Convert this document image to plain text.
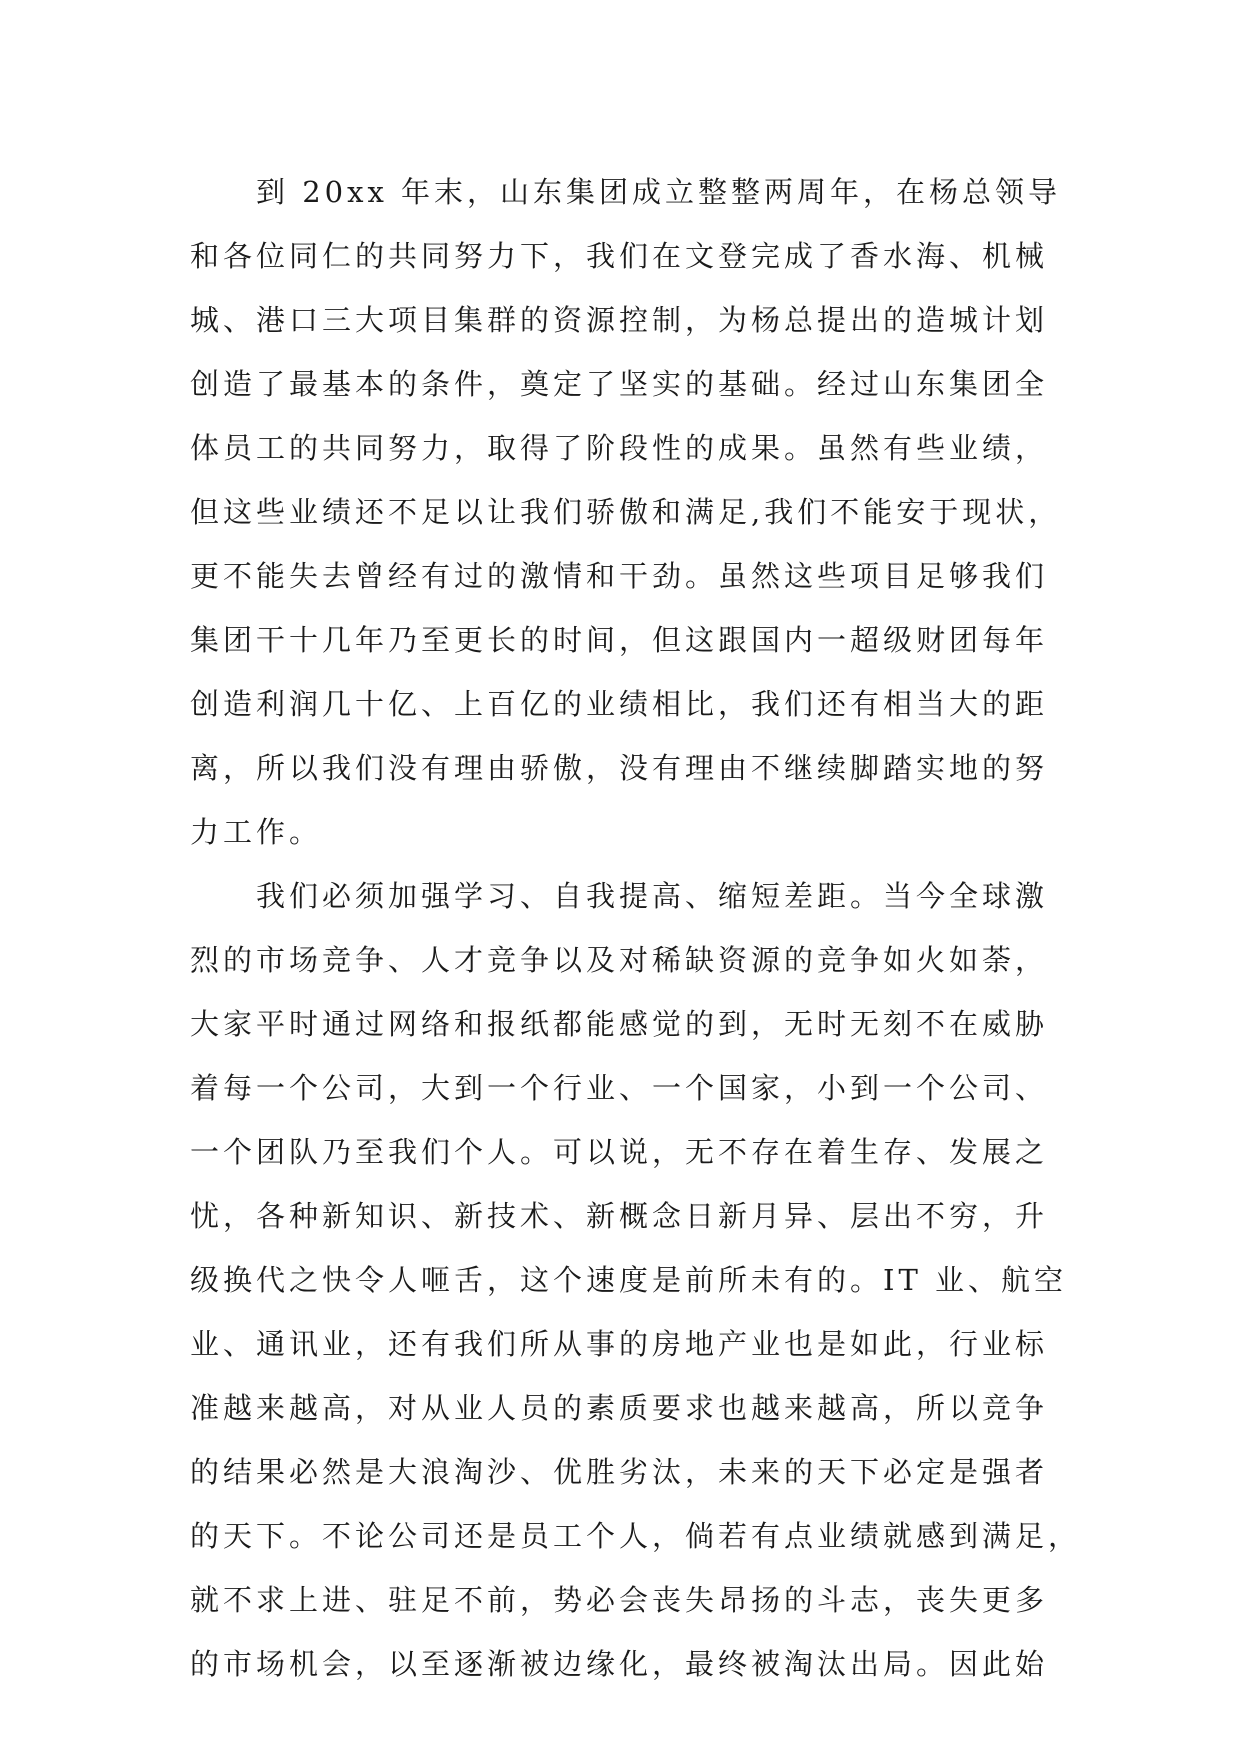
到 20xx 年末，山东集团成立整整两周年，在杨总领导
和各位同仁的共同努力下，我们在文登完成了香水海、机械
城、港口三大项目集群的资源控制，为杨总提出的造城计划
创造了最基本的条件，奠定了坚实的基础。经过山东集团全
体员工的共同努力，取得了阶段性的成果。虽然有些业绩，
但这些业绩还不足以让我们骄傲和满足,我们不能安于现状，
更不能失去曾经有过的激情和干劲。虽然这些项目足够我们
集团干十几年乃至更长的时间，但这跟国内一超级财团每年
创造利润几十亿、上百亿的业绩相比，我们还有相当大的距
离，所以我们没有理由骄傲，没有理由不继续脚踏实地的努
力工作。
我们必须加强学习、自我提高、缩短差距。当今全球激
烈的市场竞争、人才竞争以及对稀缺资源的竞争如火如荼，
大家平时通过网络和报纸都能感觉的到，无时无刻不在威胁
着每一个公司，大到一个行业、一个国家，小到一个公司、
一个团队乃至我们个人。可以说，无不存在着生存、发展之
忧，各种新知识、新技术、新概念日新月异、层出不穷，升
级换代之快令人咂舌，这个速度是前所未有的。IT 业、航空
业、通讯业，还有我们所从事的房地产业也是如此，行业标
准越来越高，对从业人员的素质要求也越来越高，所以竞争
的结果必然是大浪淘沙、优胜劣汰，未来的天下必定是强者
的天下。不论公司还是员工个人，倘若有点业绩就感到满足，
就不求上进、驻足不前，势必会丧失昂扬的斗志，丧失更多
的市场机会，以至逐渐被边缘化，最终被淘汰出局。因此始
